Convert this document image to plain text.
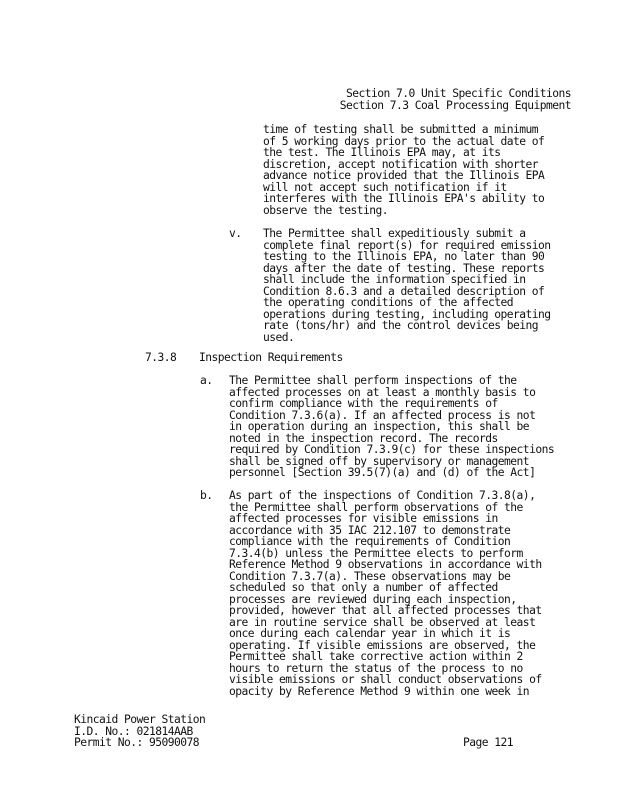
Section 7.0 Unit Specific Conditions
Section 7.3 Coal Processing Equipment
time of testing shall be submitted a minimum
of 5 working days prior to the actual date of
the test. The Illinois EPA may, at its
discretion, accept notification with shorter
advance notice provided that the Illinois EPA
will not accept such notification if it
interferes with the Illinois EPA's ability to
observe the testing.
v. The Permittee shall expeditiously submit a
complete final report(s) for required emission
testing to the Illinois EPA, no later than 90
days after the date of testing. These reports
shall include the information specified in
Condition 8.6.3 and a detailed description of
the operating conditions of the affected
operations during testing, including operating
rate (tons/hr) and the control devices being
used.
7.3.8 Inspection Requirements
a. The Permittee shall perform inspections of the
affected processes on at least a monthly basis to
confirm compliance with the requirements of
Condition 7.3.6(a). If an affected process is not
in operation during an inspection, this shall be
noted in the inspection record. The records
required by Condition 7.3.9(c) for these inspections
shall be signed off by supervisory or management
personnel [Section 39.5(7)(a) and (d) of the Act]
b. As part of the inspections of Condition 7.3.8(a),
the Permittee shall perform observations of the
affected processes for visible emissions in
accordance with 35 IAC 212.107 to demonstrate
compliance with the requirements of Condition
7.3.4(b) unless the Permittee elects to perform
Reference Method 9 observations in accordance with
Condition 7.3.7(a). These observations may be
scheduled so that only a number of affected
processes are reviewed during each inspection,
provided, however that all affected processes that
are in routine service shall be observed at least
once during each calendar year in which it is
operating. If visible emissions are observed, the
Permittee shall take corrective action within 2
hours to return the status of the process to no
visible emissions or shall conduct observations of
opacity by Reference Method 9 within one week in
Kincaid Power Station
I.D. No.: 021814AAB
Permit No.: 95090078	Page 121
